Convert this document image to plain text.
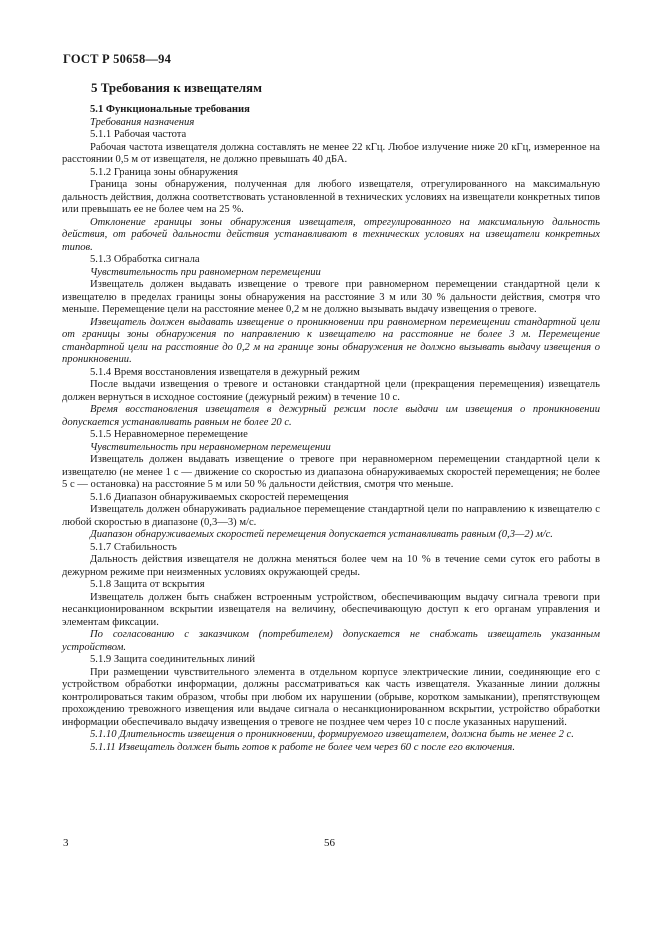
ГОСТ Р 50658—94

5 Требования к извещателям

5.1 Функциональные требования

Требования назначения

5.1.1 Рабочая частота

Рабочая частота извещателя должна составлять не менее 22 кГц. Любое излучение ниже 20 кГц, измеренное на расстоянии 0,5 м от извещателя, не должно превышать 40 дБА.

5.1.2 Граница зоны обнаружения

Граница зоны обнаружения, полученная для любого извещателя, отрегулированного на максимальную дальность действия, должна соответствовать установленной в технических условиях на извещатели конкретных типов или превышать ее не более чем на 25 %.

Отклонение границы зоны обнаружения извещателя, отрегулированного на максимальную дальность действия, от рабочей дальности действия устанавливают в технических условиях на извещатели конкретных типов.

5.1.3 Обработка сигнала

Чувствительность при равномерном перемещении

Извещатель должен выдавать извещение о тревоге при равномерном перемещении стандартной цели к извещателю в пределах границы зоны обнаружения на расстояние 3 м или 30 % дальности действия, смотря что меньше. Перемещение цели на расстояние менее 0,2 м не должно вызывать выдачу извещения о тревоге.

Извещатель должен выдавать извещение о проникновении при равномерном перемещении стандартной цели от границы зоны обнаружения по направлению к извещателю на расстояние не более 3 м. Перемещение стандартной цели на расстояние до 0,2 м на границе зоны обнаружения не должно вызывать выдачу извещения о проникновении.

5.1.4 Время восстановления извещателя в дежурный режим

После выдачи извещения о тревоге и остановки стандартной цели (прекращения перемещения) извещатель должен вернуться в исходное состояние (дежурный режим) в течение 10 с.

Время восстановления извещателя в дежурный режим после выдачи им извещения о проникновении допускается устанавливать равным не более 20 с.

5.1.5 Неравномерное перемещение

Чувствительность при неравномерном перемещении

Извещатель должен выдавать извещение о тревоге при неравномерном перемещении стандартной цели к извещателю (не менее 1 с — движение со скоростью из диапазона обнаруживаемых скоростей перемещения; не более 5 с — остановка) на расстояние 5 м или 50 % дальности действия, смотря что меньше.

5.1.6 Диапазон обнаруживаемых скоростей перемещения

Извещатель должен обнаруживать радиальное перемещение стандартной цели по направлению к извещателю с любой скоростью в диапазоне (0,3—3) м/с.

Диапазон обнаруживаемых скоростей перемещения допускается устанавливать равным (0,3—2) м/с.

5.1.7 Стабильность

Дальность действия извещателя не должна меняться более чем на 10 % в течение семи суток его работы в дежурном режиме при неизменных условиях окружающей среды.

5.1.8 Защита от вскрытия

Извещатель должен быть снабжен встроенным устройством, обеспечивающим выдачу сигнала тревоги при несанкционированном вскрытии извещателя на величину, обеспечивающую доступ к его органам управления и элементам фиксации.

По согласованию с заказчиком (потребителем) допускается не снабжать извещатель указанным устройством.

5.1.9 Защита соединительных линий

При размещении чувствительного элемента в отдельном корпусе электрические линии, соединяющие его с устройством обработки информации, должны рассматриваться как часть извещателя. Указанные линии должны контролироваться таким образом, чтобы при любом их нарушении (обрыве, коротком замыкании), препятствующем прохождению тревожного извещения или выдаче сигнала о несанкционированном вскрытии, устройство обработки информации обеспечивало выдачу извещения о тревоге не позднее чем через 10 с после указанных нарушений.

5.1.10 Длительность извещения о проникновении, формируемого извещателем, должна быть не менее 2 с.

5.1.11 Извещатель должен быть готов к работе не более чем через 60 с после его включения.

3	56
